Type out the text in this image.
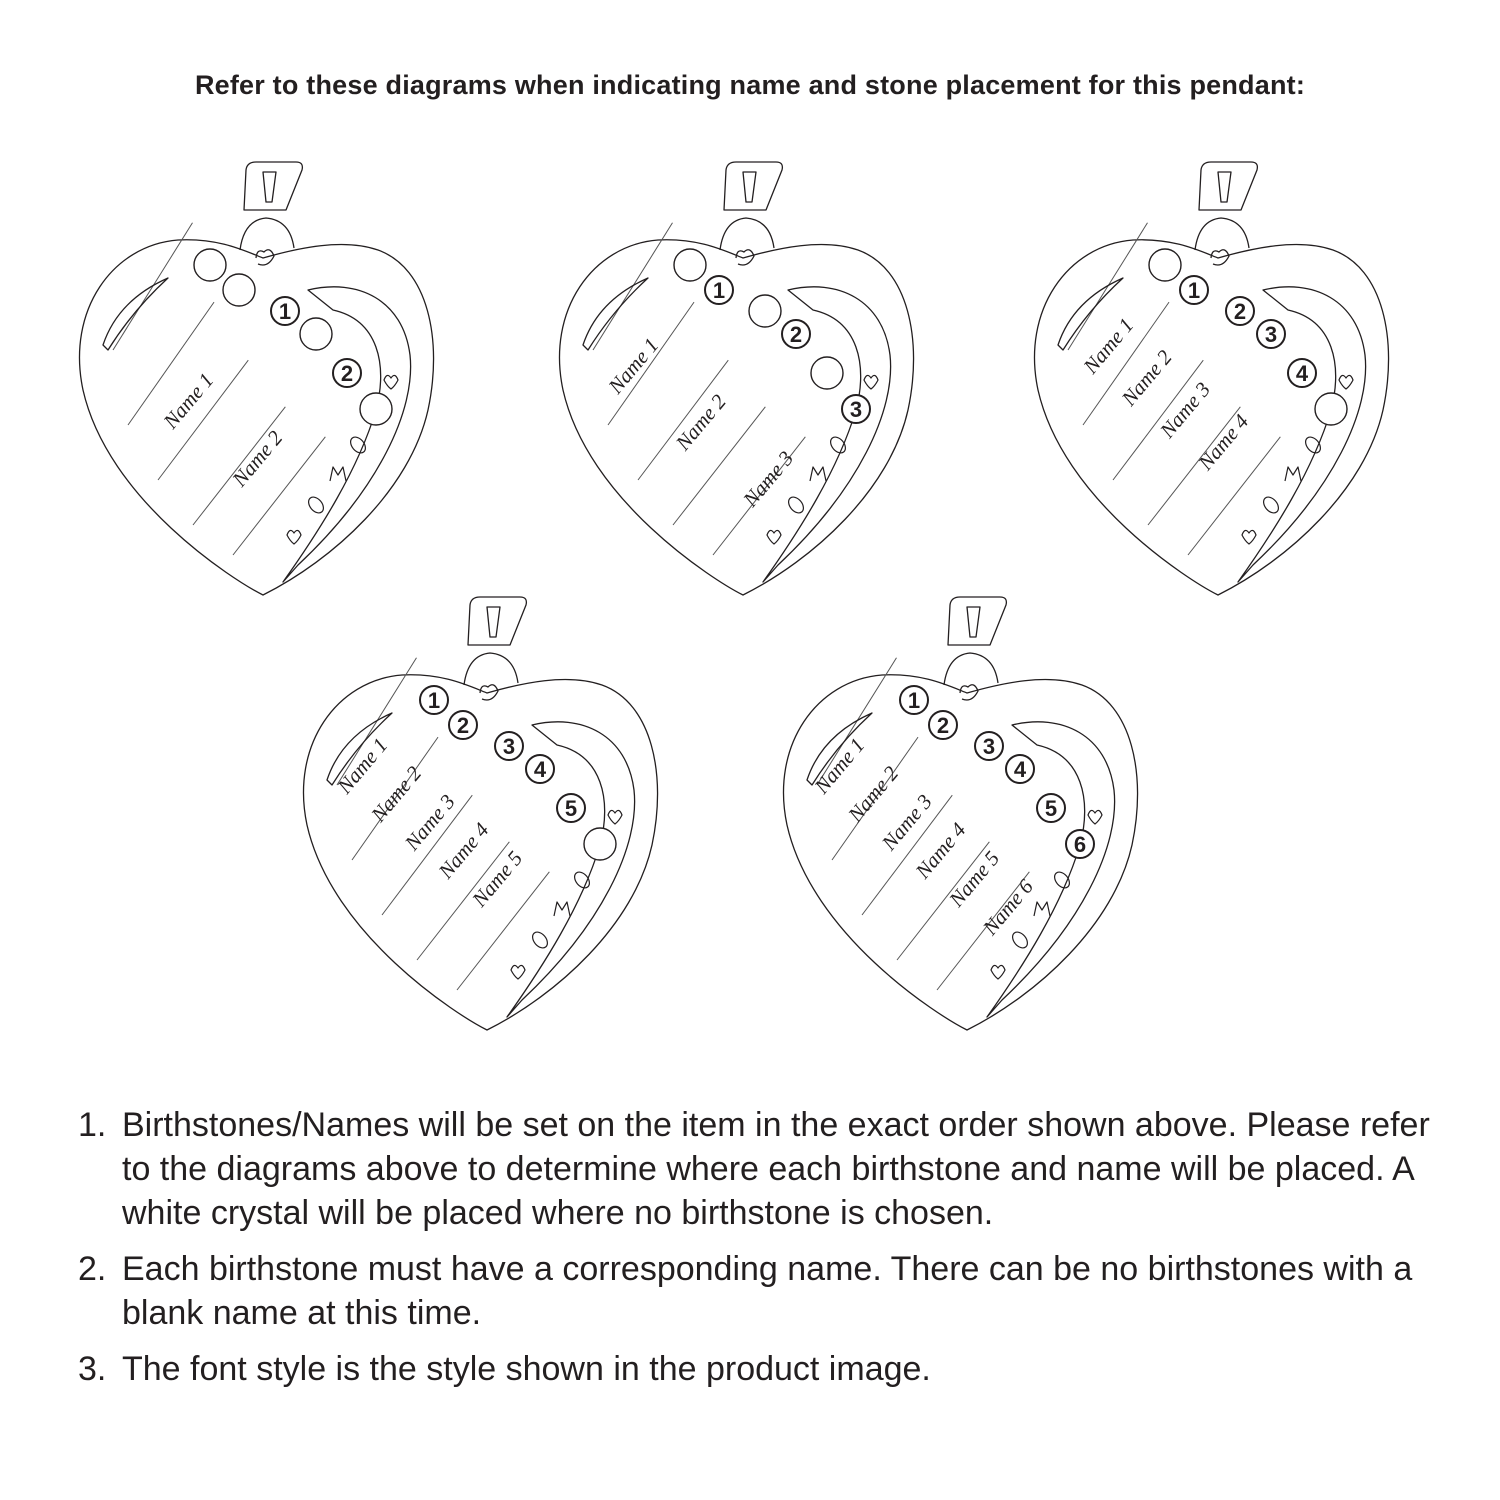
Refer to these diagrams when indicating name and stone placement for this pendant:
1
2
Name 1
Name 2
1
2
3
Name 1
Name 2
Name 3
1
2
3
4
Name 1
Name 2
Name 3
Name 4
1
2
3
4
5
Name 1
Name 2
Name 3
Name 4
Name 5
1
2
3
4
5
6
Name 1
Name 2
Name 3
Name 4
Name 5
Name 6
1. Birthstones/Names will be set on the item in the exact order shown above. Please refer to the diagrams above to determine where each birthstone and name will be placed. A white crystal will be placed where no birthstone is chosen.
2. Each birthstone must have a corresponding name. There can be no birthstones with a blank name at this time.
3. The font style is the style shown in the product image.
